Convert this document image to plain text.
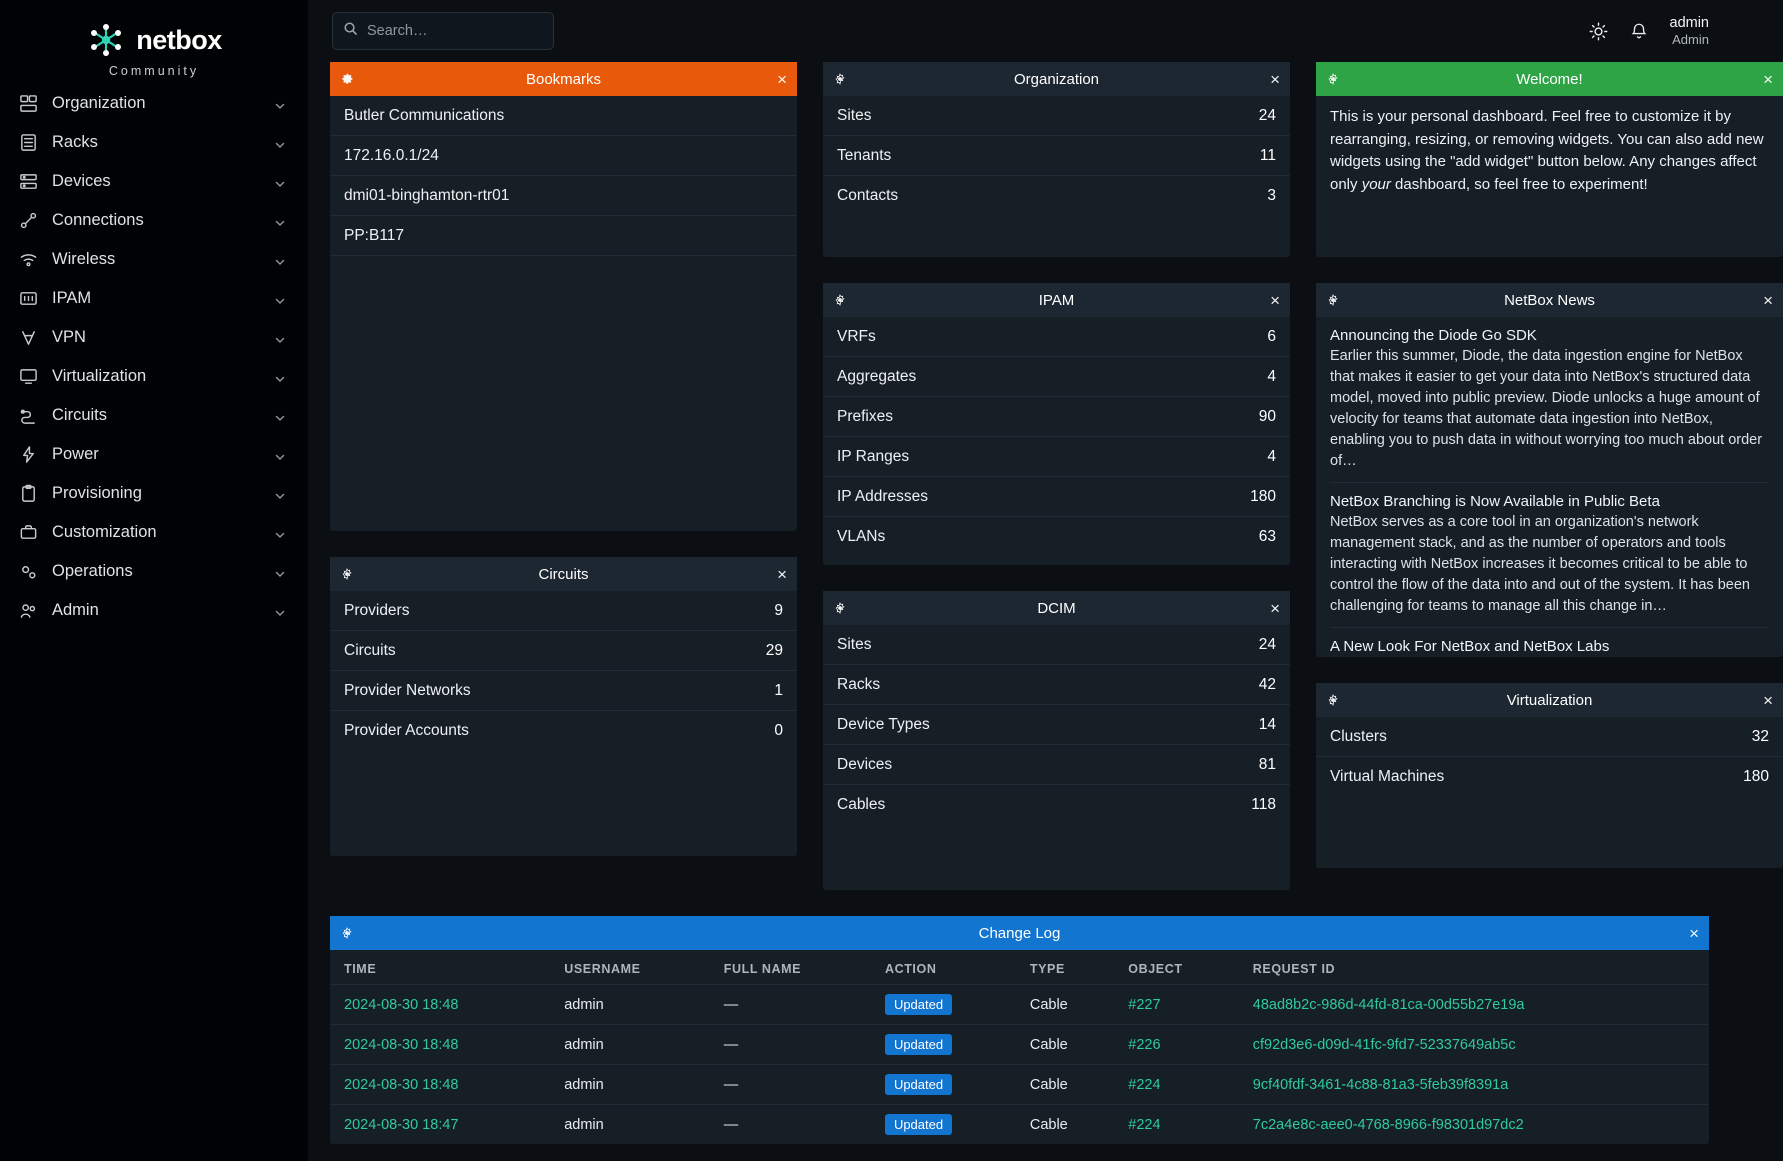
netbox
Community
Organization
Racks
Devices
Connections
Wireless
IPAM
VPN
Virtualization
Circuits
Power
Provisioning
Customization
Operations
Admin
Search…
admin
Admin
Bookmarks	×
Butler Communications
172.16.0.1/24
dmi01-binghamton-rtr01
PP:B117
Circuits	×
Providers	9
Circuits	29
Provider Networks	1
Provider Accounts	0
Organization	×
Sites	24
Tenants	11
Contacts	3
IPAM	×
VRFs	6
Aggregates	4
Prefixes	90
IP Ranges	4
IP Addresses	180
VLANs	63
DCIM	×
Sites	24
Racks	42
Device Types	14
Devices	81
Cables	118
Welcome!	×
This is your personal dashboard. Feel free to customize it by rearranging, resizing, or removing widgets. You can also add new widgets using the "add widget" button below. Any changes affect only your dashboard, so feel free to experiment!
NetBox News	×
Announcing the Diode Go SDK
Earlier this summer, Diode, the data ingestion engine for NetBox that makes it easier to get your data into NetBox's structured data model, moved into public preview. Diode unlocks a huge amount of velocity for teams that automate data ingestion into NetBox, enabling you to push data in without worrying too much about order of…
NetBox Branching is Now Available in Public Beta
NetBox serves as a core tool in an organization's network management stack, and as the number of operators and tools interacting with NetBox increases it becomes critical to be able to control the flow of the data into and out of the system. It has been challenging for teams to manage all this change in…
A New Look For NetBox and NetBox Labs
Virtualization	×
Clusters	32
Virtual Machines	180
Change Log	×
TIME	USERNAME	FULL NAME	ACTION	TYPE	OBJECT	REQUEST ID
2024-08-30 18:48	admin	—	Updated	Cable	#227	48ad8b2c-986d-44fd-81ca-00d55b27e19a
2024-08-30 18:48	admin	—	Updated	Cable	#226	cf92d3e6-d09d-41fc-9fd7-52337649ab5c
2024-08-30 18:48	admin	—	Updated	Cable	#224	9cf40fdf-3461-4c88-81a3-5feb39f8391a
2024-08-30 18:47	admin	—	Updated	Cable	#224	7c2a4e8c-aee0-4768-8966-f98301d97dc2
